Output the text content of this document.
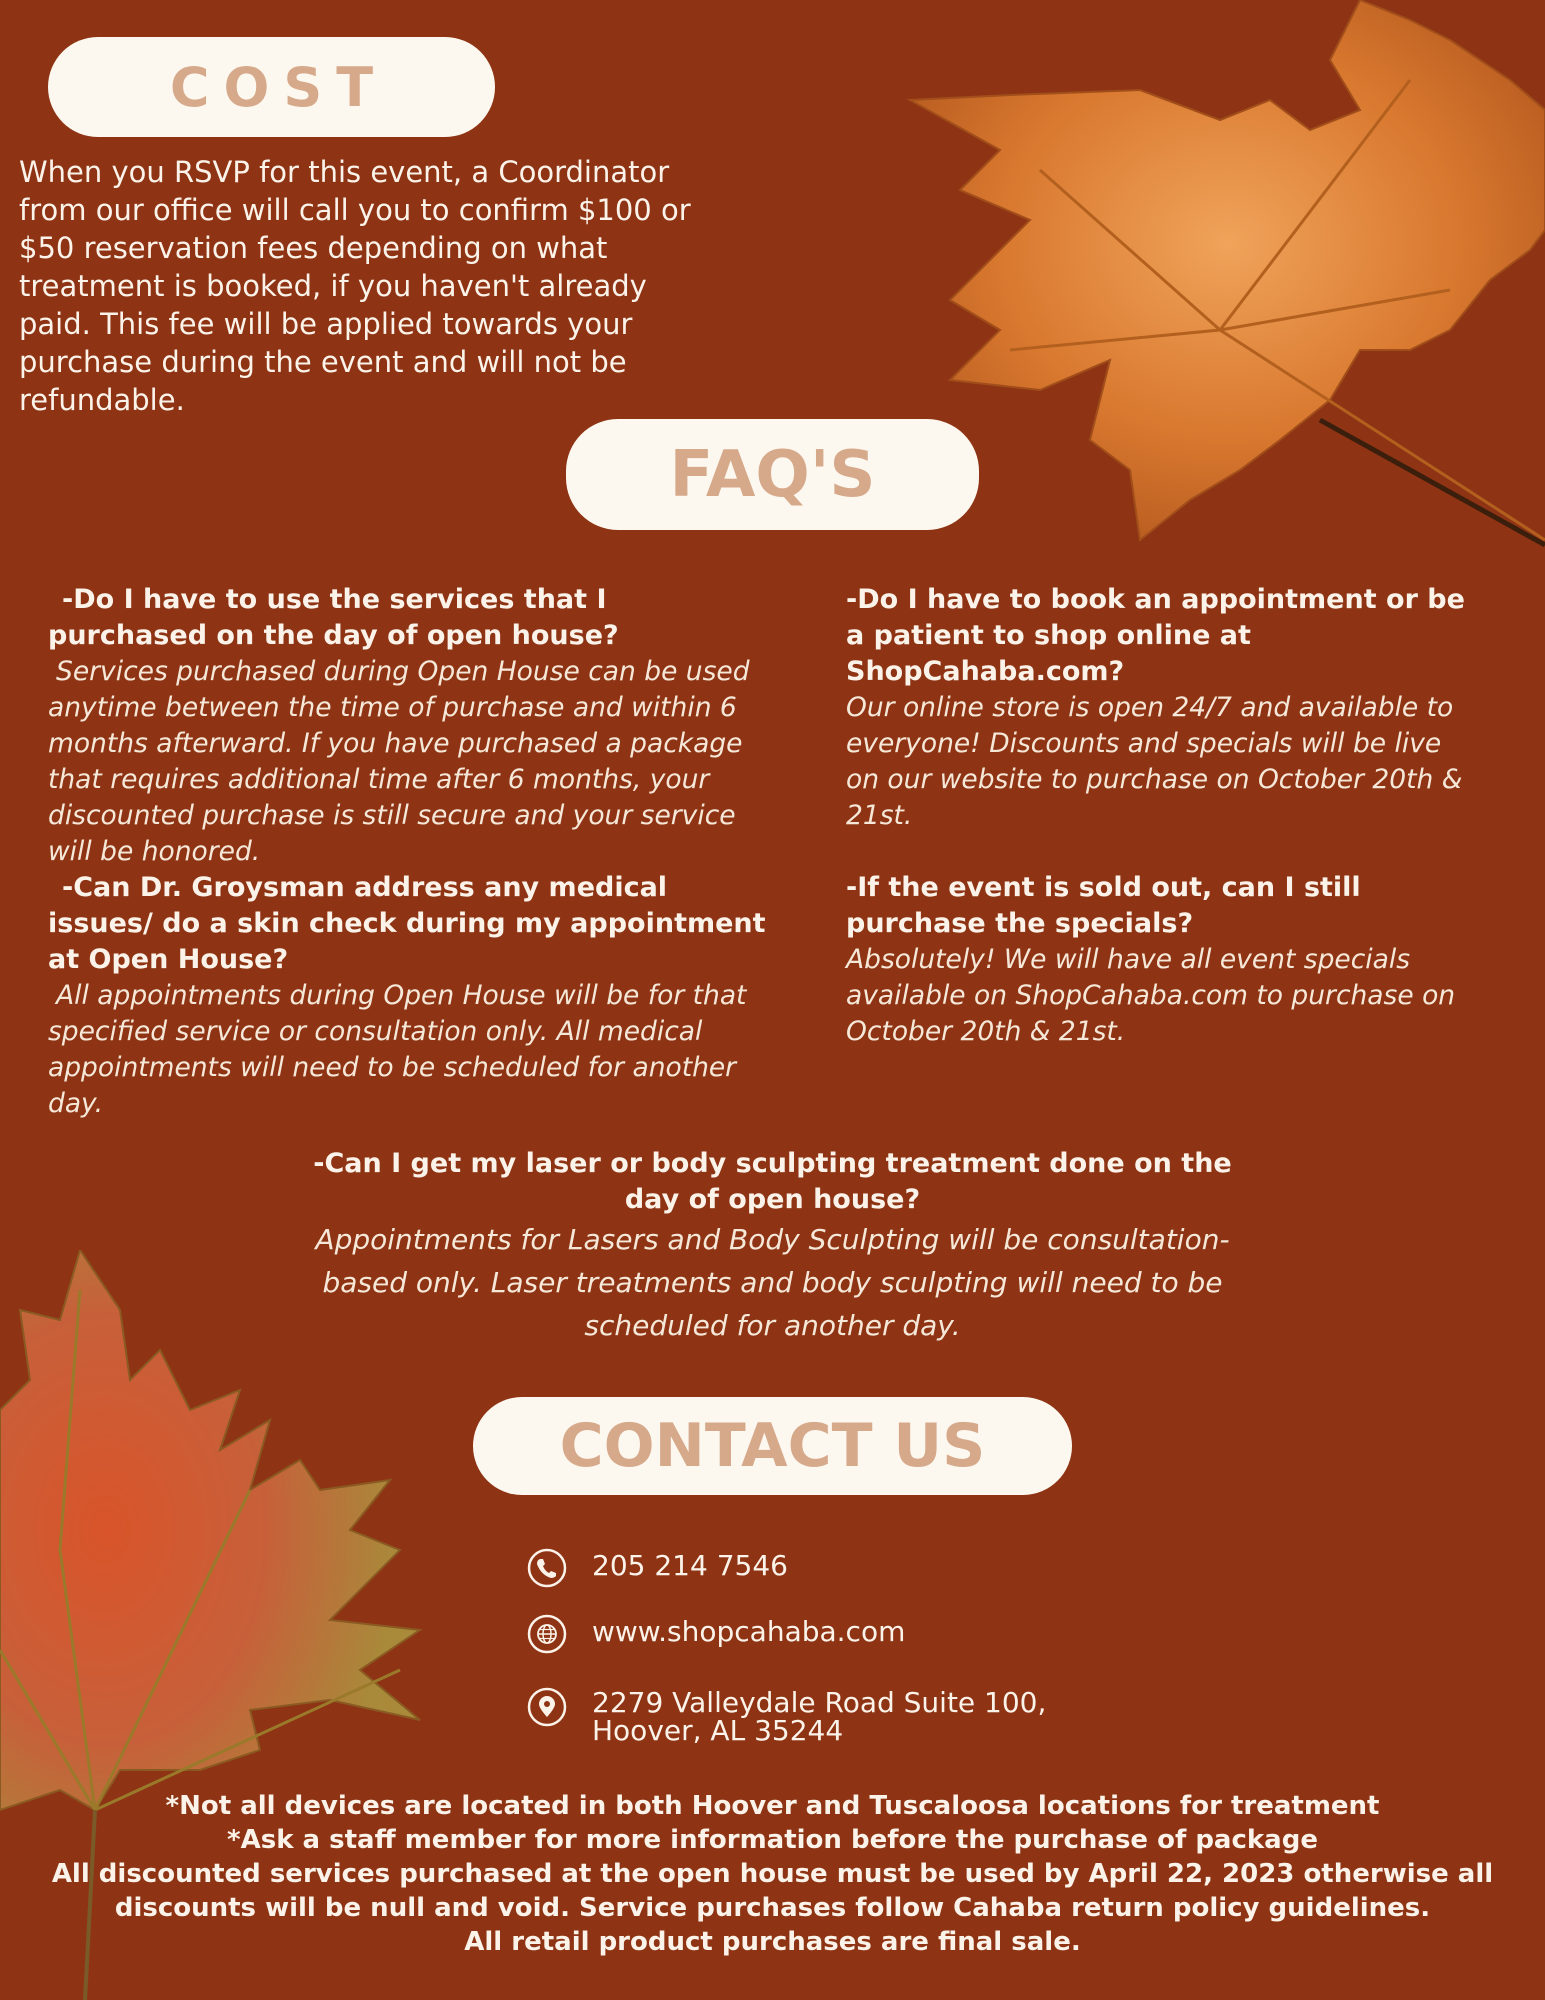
COST

When you RSVP for this event, a Coordinator from our office will call you to confirm $100 or $50 reservation fees depending on what treatment is booked, if you haven't already paid. This fee will be applied towards your purchase during the event and will not be refundable.

FAQ'S

-Do I have to use the services that I purchased on the day of open house?

Services purchased during Open House can be used anytime between the time of purchase and within 6 months afterward. If you have purchased a package that requires additional time after 6 months, your discounted purchase is still secure and your service will be honored.

-Do I have to book an appointment or be a patient to shop online at ShopCahaba.com?

Our online store is open 24/7 and available to everyone! Discounts and specials will be live on our website to purchase on October 20th & 21st.

-Can Dr. Groysman address any medical issues/ do a skin check during my appointment at Open House?

All appointments during Open House will be for that specified service or consultation only. All medical appointments will need to be scheduled for another day.

-If the event is sold out, can I still purchase the specials?

Absolutely! We will have all event specials available on ShopCahaba.com to purchase on October 20th & 21st.

-Can I get my laser or body sculpting treatment done on the day of open house?

Appointments for Lasers and Body Sculpting will be consultation-based only. Laser treatments and body sculpting will need to be scheduled for another day.

CONTACT US
205 214 7546
www.shopcahaba.com
2279 Valleydale Road Suite 100,
Hoover, AL 35244
*Not all devices are located in both Hoover and Tuscaloosa locations for treatment
*Ask a staff member for more information before the purchase of package
All discounted services purchased at the open house must be used by April 22, 2023 otherwise all discounts will be null and void. Service purchases follow Cahaba return policy guidelines.
All retail product purchases are final sale.
